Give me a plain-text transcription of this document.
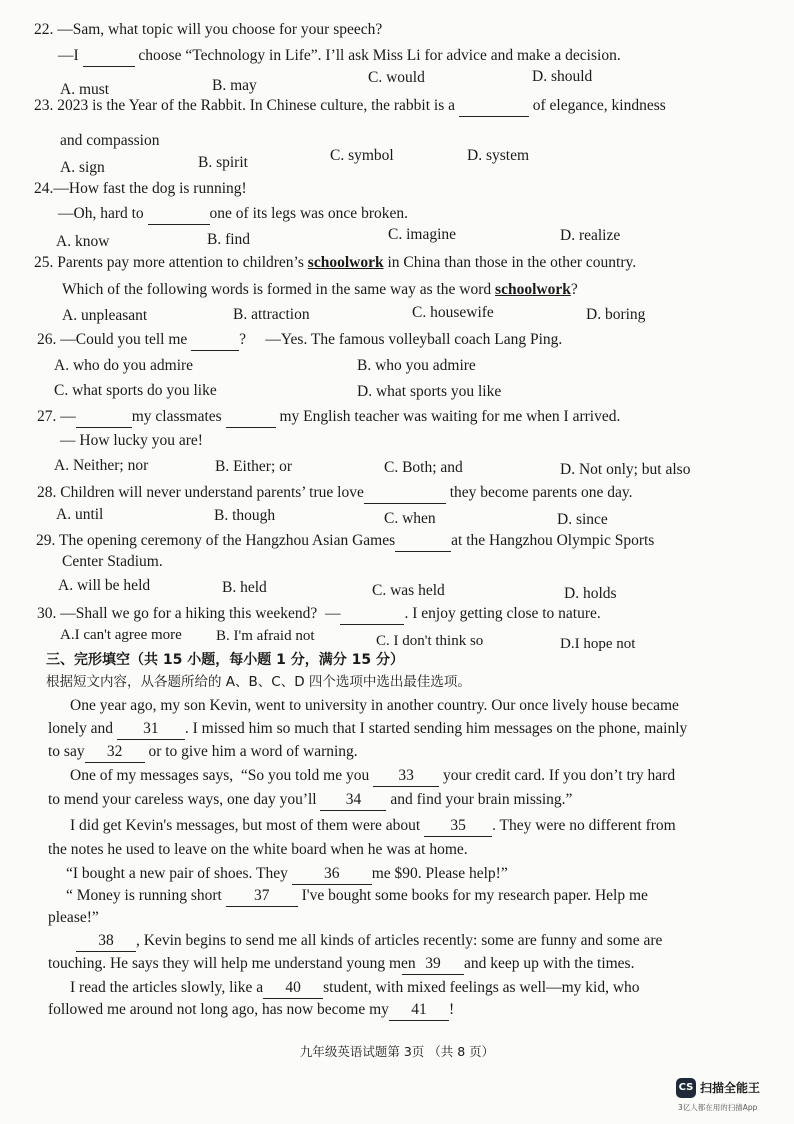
22. —Sam, what topic will you choose for your speech?
—I	choose “Technology in Life”. I’ll ask Miss Li for advice and make a decision.
A. must	B. may	C. would	D. should
23. 2023 is the Year of the Rabbit. In Chinese culture, the rabbit is a	of elegance, kindness
and compassion
A. sign	B. spirit	C. symbol	D. system
24.—How fast the dog is running!
—Oh, hard to	one of its legs was once broken.
A. know	B. find	C. imagine	D. realize
25. Parents pay more attention to children’s schoolwork in China than those in the other country.
Which of the following words is formed in the same way as the word schoolwork?
A. unpleasant	B. attraction	C. housewife	D. boring
26. —Could you tell me	? —Yes. The famous volleyball coach Lang Ping.
A. who do you admire	B. who you admire
C. what sports do you like	D. what sports you like
27. —	my classmates	my English teacher was waiting for me when I arrived.
— How lucky you are!
A. Neither; nor	B. Either; or	C. Both; and	D. Not only; but also
28. Children will never understand parents’ true love	they become parents one day.
A. until	B. though	C. when	D. since
29. The opening ceremony of the Hangzhou Asian Games	at the Hangzhou Olympic Sports
Center Stadium.
A. will be held	B. held	C. was held	D. holds
30. —Shall we go for a hiking this weekend?  —	. I enjoy getting close to nature.
A.I can't agree more B. I'm afraid not	C. I don't think so	D.I hope not
三、完形填空（共 15 小题，每小题 1 分，满分 15 分）
根据短文内容，从各题所给的 A、B、C、D 四个选项中选出最佳选项。
One year ago, my son Kevin, went to university in another country. Our once lively house became
lonely and 31 . I missed him so much that I started sending him messages on the phone, mainly
to say 32 or to give him a word of warning.
One of my messages says,  “So you told me you 33 your credit card. If you don’t try hard
to mend your careless ways, one day you’ll 34 and find your brain missing.”
I did get Kevin's messages, but most of them were about 35 . They were no different from
the notes he used to leave on the white board when he was at home.
“I bought a new pair of shoes. They 36 me $90. Please help!”
“ Money is running short 37 I've bought some books for my research paper. Help me
please!”
38 , Kevin begins to send me all kinds of articles recently: some are funny and some are
touching. He says they will help me understand young men
I read the articles slowly, like a 40 student, with mixed feelings as well—my kid, who
followed me around not long ago, has now become my 41 !
39 and keep up with the times.
九年级英语试题第 3页 （共 8 页）
CS 扫描全能王
3亿人都在用的扫描App
